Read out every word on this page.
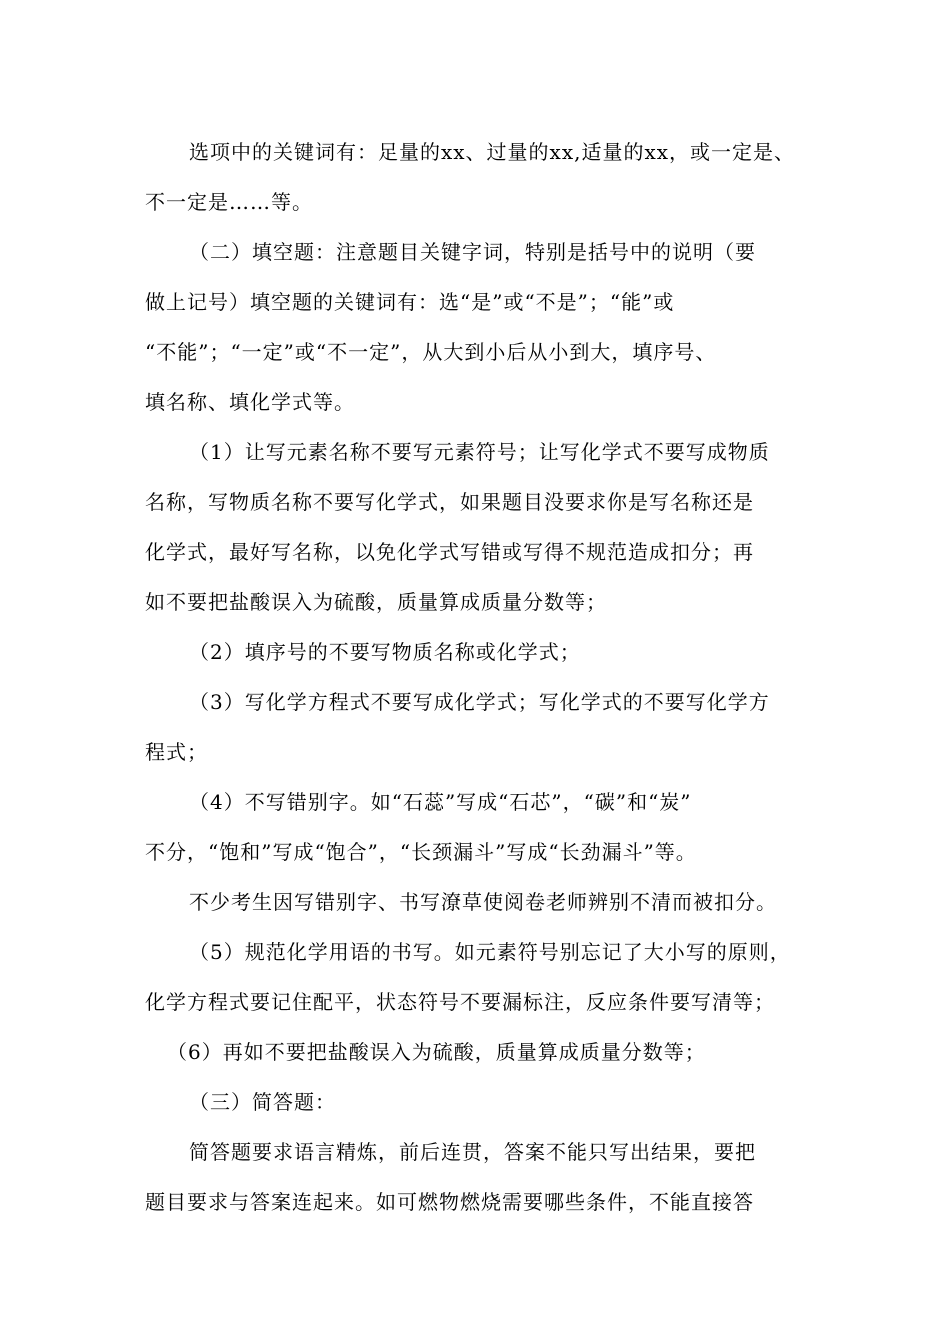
选项中的关键词有：足量的xx、过量的xx,适量的xx，或一定是、
不一定是……等。
（二）填空题：注意题目关键字词，特别是括号中的说明（要
做上记号）填空题的关键词有：选“是”或“不是”；“能”或
“不能”；“一定”或“不一定”，从大到小后从小到大，填序号、
填名称、填化学式等。
（1）让写元素名称不要写元素符号；让写化学式不要写成物质
名称，写物质名称不要写化学式，如果题目没要求你是写名称还是
化学式，最好写名称，以免化学式写错或写得不规范造成扣分；再
如不要把盐酸误入为硫酸，质量算成质量分数等；
（2）填序号的不要写物质名称或化学式；
（3）写化学方程式不要写成化学式；写化学式的不要写化学方
程式；
（4）不写错别字。如“石蕊”写成“石芯”，“碳”和“炭”
不分，“饱和”写成“饱合”，“长颈漏斗”写成“长劲漏斗”等。
不少考生因写错别字、书写潦草使阅卷老师辨别不清而被扣分。
（5）规范化学用语的书写。如元素符号别忘记了大小写的原则，
化学方程式要记住配平，状态符号不要漏标注，反应条件要写清等；
（6）再如不要把盐酸误入为硫酸，质量算成质量分数等；
（三）简答题：
简答题要求语言精炼，前后连贯，答案不能只写出结果，要把
题目要求与答案连起来。如可燃物燃烧需要哪些条件，不能直接答
